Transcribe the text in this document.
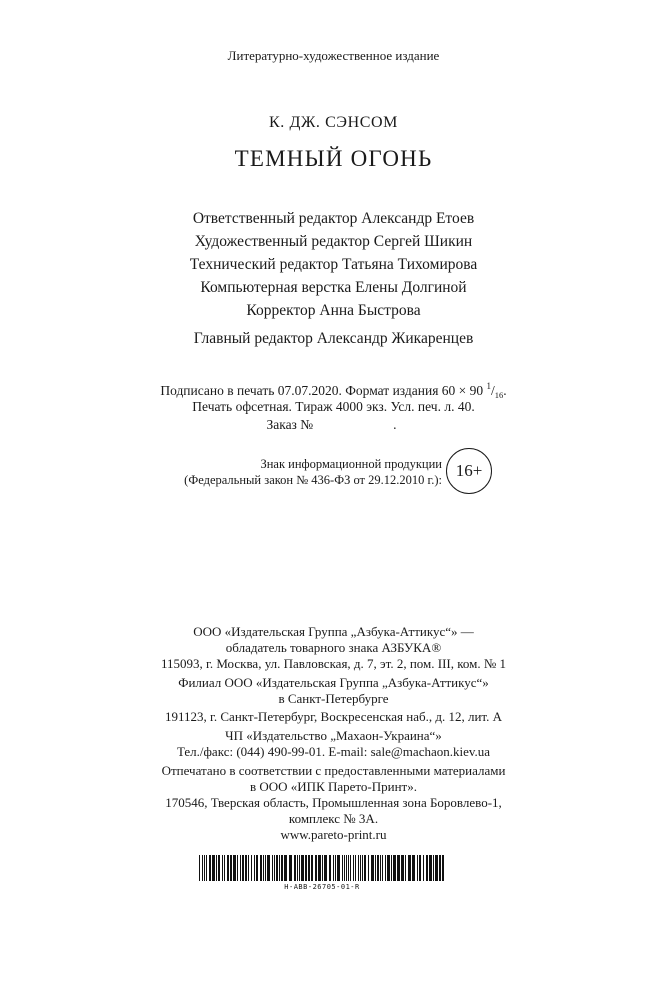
Литературно-художественное издание
К. ДЖ. СЭНСОМ
ТЕМНЫЙ ОГОНЬ
Ответственный редактор Александр Етоев
Художественный редактор Сергей Шикин
Технический редактор Татьяна Тихомирова
Компьютерная верстка Елены Долгиной
Корректор Анна Быстрова
Главный редактор Александр Жикаренцев
Подписано в печать 07.07.2020. Формат издания 60 × 90 $^1/_{16}$.
Печать офсетная. Тираж 4000 экз. Усл. печ. л. 40.
Заказ №	.
Знак информационной продукции
(Федеральный закон № 436-ФЗ от 29.12.2010 г.): 16+
ООО «Издательская Группа „Азбука-Аттикус“» —
обладатель товарного знака АЗБУКА®
115093, г. Москва, ул. Павловская, д. 7, эт. 2, пом. III, ком. № 1
Филиал ООО «Издательская Группа „Азбука-Аттикус“»
в Санкт-Петербурге
191123, г. Санкт-Петербург, Воскресенская наб., д. 12, лит. А
ЧП «Издательство „Махаон-Украина“»
Тел./факс: (044) 490-99-01. E-mail: sale@machaon.kiev.ua
Отпечатано в соответствии с предоставленными материалами
в ООО «ИПК Парето-Принт».
170546, Тверская область, Промышленная зона Боровлево-1,
комплекс № 3А.
www.pareto-print.ru
H-ABB-26705-01-R
